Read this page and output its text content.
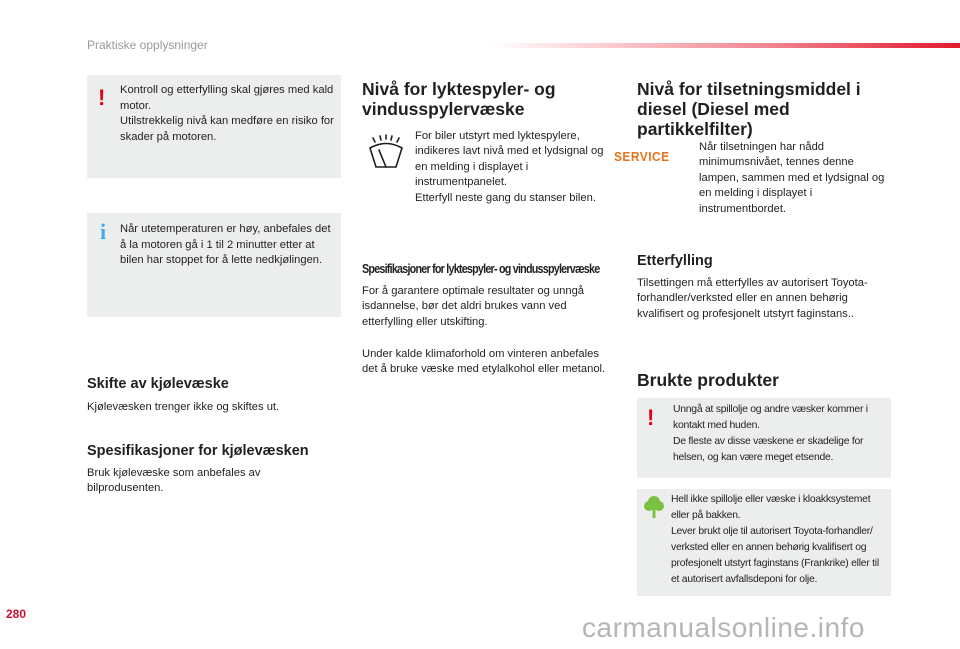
Praktiske opplysninger
! Kontroll og etterfylling skal gjøres med kald motor.
Utilstrekkelig nivå kan medføre en risiko for skader på motoren.
i Når utetemperaturen er høy, anbefales det å la motoren gå i 1 til 2 minutter etter at bilen har stoppet for å lette nedkjølingen.
Skifte av kjølevæske
Kjølevæsken trenger ikke og skiftes ut.
Spesifikasjoner for kjølevæsken
Bruk kjølevæske som anbefales av bilprodusenten.
Nivå for lyktespyler- og vindusspylervæske
For biler utstyrt med lyktespylere, indikeres lavt nivå med et lydsignal og en melding i displayet i instrumentpanelet.
Etterfyll neste gang du stanser bilen.
Spesifikasjoner for lyktespyler- og vindusspylervæske
For å garantere optimale resultater og unngå isdannelse, bør det aldri brukes vann ved etterfylling eller utskifting.
Under kalde klimaforhold om vinteren anbefales det å bruke væske med etylalkohol eller metanol.
Nivå for tilsetningsmiddel i diesel (Diesel med partikkelfilter)
SERVICE
Når tilsetningen har nådd minimumsnivået, tennes denne lampen, sammen med et lydsignal og en melding i displayet i instrumentbordet.
Etterfylling
Tilsettingen må etterfylles av autorisert Toyota-forhandler/verksted eller en annen behørig kvalifisert og profesjonelt utstyrt faginstans..
Brukte produkter
! Unngå at spillolje og andre væsker kommer i kontakt med huden.
De fleste av disse væskene er skadelige for helsen, og kan være meget etsende.
Hell ikke spillolje eller væske i kloakksystemet eller på bakken.
Lever brukt olje til autorisert Toyota-forhandler/ verksted eller en annen behørig kvalifisert og profesjonelt utstyrt faginstans (Frankrike) eller til et autorisert avfallsdeponi for olje.
280	carmanualsonline.info
